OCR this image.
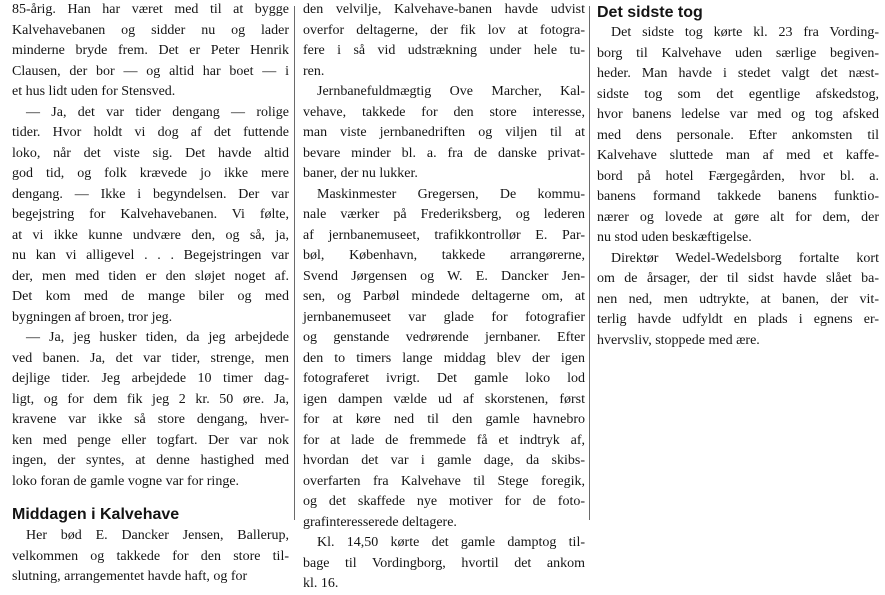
85-årig. Han har været med til at bygge
Kalvehavebanen og sidder nu og lader
minderne bryde frem. Det er Peter Henrik
Clausen, der bor — og altid har boet — i
et hus lidt uden for Stensved.
— Ja, det var tider dengang — rolige
tider. Hvor holdt vi dog af det futtende
loko, når det viste sig. Det havde altid
god tid, og folk krævede jo ikke mere
dengang. — Ikke i begyndelsen. Der var
begejstring for Kalvehavebanen. Vi følte,
at vi ikke kunne undvære den, og så, ja,
nu kan vi alligevel . . . Begejstringen var
der, men med tiden er den sløjet noget af.
Det kom med de mange biler og med
bygningen af broen, tror jeg.
— Ja, jeg husker tiden, da jeg arbejdede
ved banen. Ja, det var tider, strenge, men
dejlige tider. Jeg arbejdede 10 timer dag-
ligt, og for dem fik jeg 2 kr. 50 øre. Ja,
kravene var ikke så store dengang, hver-
ken med penge eller togfart. Der var nok
ingen, der syntes, at denne hastighed med
loko foran de gamle vogne var for ringe.
Middagen i Kalvehave
Her bød E. Dancker Jensen, Ballerup,
velkommen og takkede for den store til-
slutning, arrangementet havde haft, og for
den velvilje, Kalvehave-banen havde udvist
overfor deltagerne, der fik lov at fotogra-
fere i så vid udstrækning under hele tu-
ren.
Jernbanefuldmægtig Ove Marcher, Kal-
vehave, takkede for den store interesse,
man viste jernbanedriften og viljen til at
bevare minder bl. a. fra de danske privat-
baner, der nu lukker.
Maskinmester Gregersen, De kommu-
nale værker på Frederiksberg, og lederen
af jernbanemuseet, trafikkontrollør E. Par-
bøl, København, takkede arrangørerne,
Svend Jørgensen og W. E. Dancker Jen-
sen, og Parbøl mindede deltagerne om, at
jernbanemuseet var glade for fotografier
og genstande vedrørende jernbaner. Efter
den to timers lange middag blev der igen
fotograferet ivrigt. Det gamle loko lod
igen dampen vælde ud af skorstenen, først
for at køre ned til den gamle havnebro
for at lade de fremmede få et indtryk af,
hvordan det var i gamle dage, da skibs-
overfarten fra Kalvehave til Stege foregik,
og det skaffede nye motiver for de foto-
grafinteresserede deltagere.
Kl. 14,50 kørte det gamle damptog til-
bage til Vordingborg, hvortil det ankom
kl. 16.
Det sidste tog
Det sidste tog kørte kl. 23 fra Vording-
borg til Kalvehave uden særlige begiven-
heder. Man havde i stedet valgt det næst-
sidste tog som det egentlige afskedstog,
hvor banens ledelse var med og tog afsked
med dens personale. Efter ankomsten til
Kalvehave sluttede man af med et kaffe-
bord på hotel Færgegården, hvor bl. a.
banens formand takkede banens funktio-
nærer og lovede at gøre alt for dem, der
nu stod uden beskæftigelse.
Direktør Wedel-Wedelsborg fortalte kort
om de årsager, der til sidst havde slået ba-
nen ned, men udtrykte, at banen, der vit-
terlig havde udfyldt en plads i egnens er-
hvervsliv, stoppede med ære.
